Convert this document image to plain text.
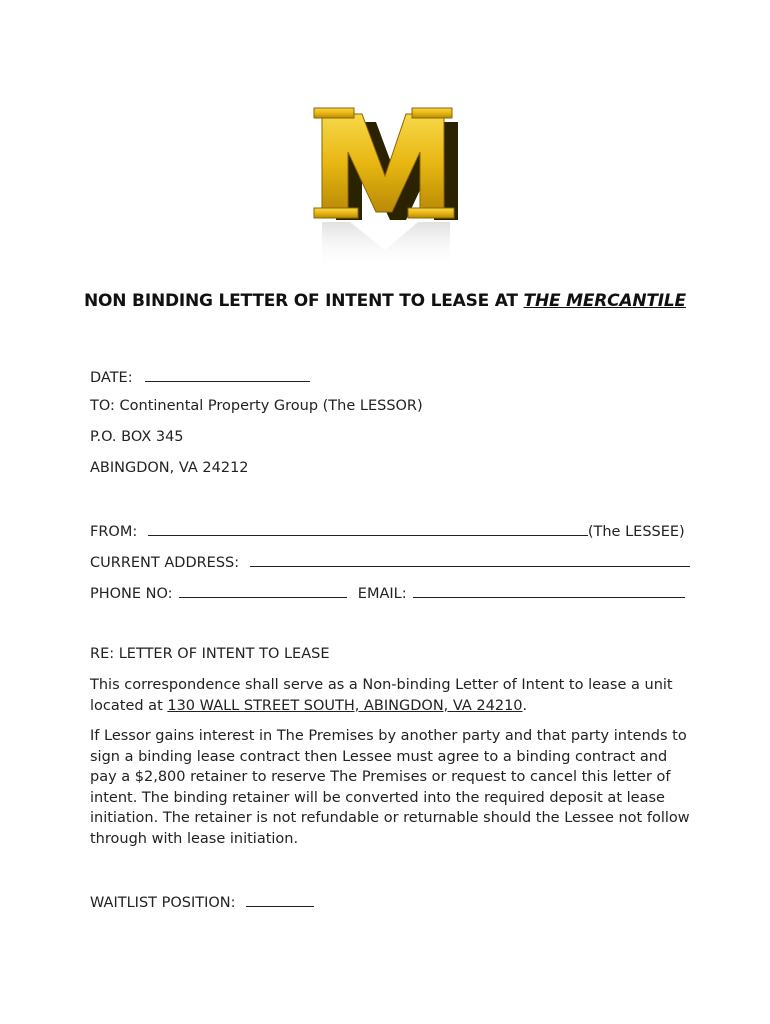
NON BINDING LETTER OF INTENT TO LEASE AT THE MERCANTILE
DATE:
TO: Continental Property Group (The LESSOR)
P.O. BOX 345
ABINGDON, VA 24212
FROM:	(The LESSEE)
CURRENT ADDRESS:
PHONE NO:	EMAIL:
RE: LETTER OF INTENT TO LEASE
This correspondence shall serve as a Non-binding Letter of Intent to lease a unit located at 130 WALL STREET SOUTH, ABINGDON, VA 24210.
If Lessor gains interest in The Premises by another party and that party intends to sign a binding lease contract then Lessee must agree to a binding contract and pay a $2,800 retainer to reserve The Premises or request to cancel this letter of intent. The binding retainer will be converted into the required deposit at lease initiation. The retainer is not refundable or returnable should the Lessee not follow through with lease initiation.
WAITLIST POSITION:
